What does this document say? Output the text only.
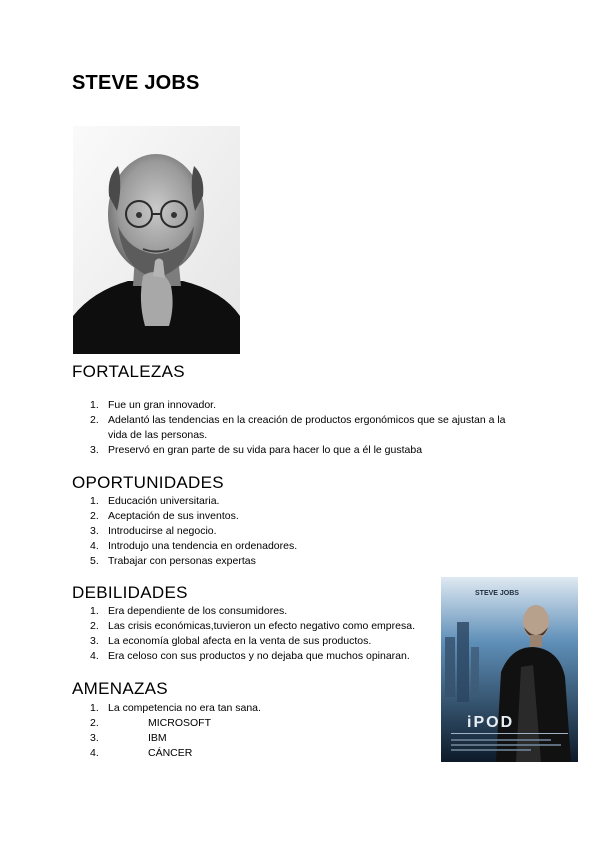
STEVE JOBS
FORTALEZAS
1. Fue un gran innovador.
2. Adelantó las tendencias en la creación de productos ergonómicos que se ajustan a la vida de las personas.
3. Preservó en gran parte de su vida para hacer lo que a él le gustaba
OPORTUNIDADES
1. Educación universitaria.
2. Aceptación de sus inventos.
3. Introducirse al negocio.
4. Introdujo una tendencia en ordenadores.
5. Trabajar con personas expertas
DEBILIDADES
1. Era dependiente de los consumidores.
2. Las crisis económicas,tuvieron un efecto negativo como empresa.
3. La economía global afecta en la venta de sus productos.
4. Era celoso con sus productos y no dejaba que muchos opinaran.
AMENAZAS
1. La competencia no era tan sana.
2.	MICROSOFT
3.	IBM
4.	CÁNCER
STEVE JOBS
iPOD
